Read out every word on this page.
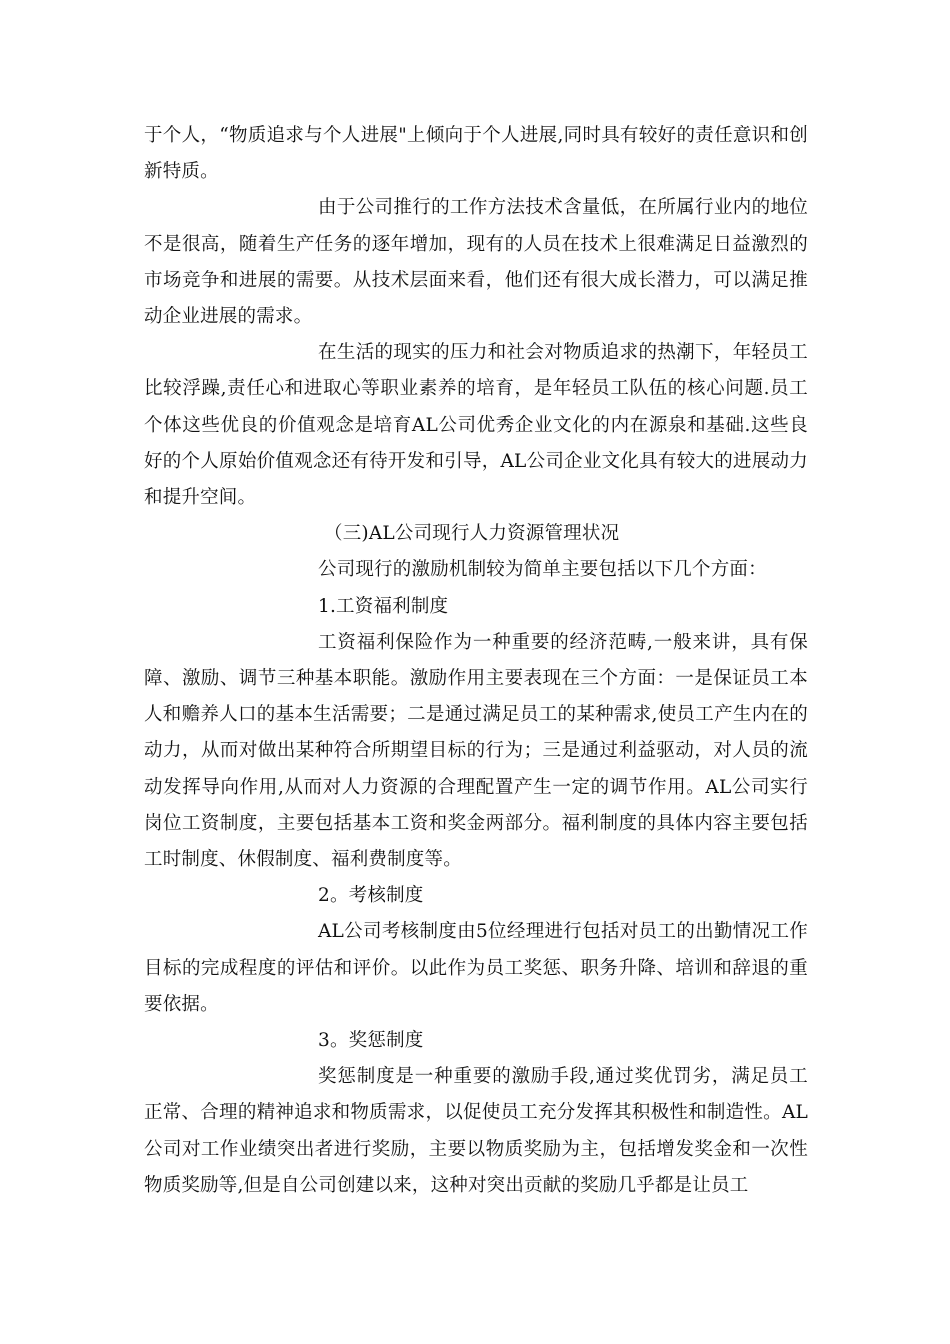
于个人，“物质追求与个人进展"上倾向于个人进展,同时具有较好的责任意识和创新特质。

由于公司推行的工作方法技术含量低，在所属行业内的地位不是很高，随着生产任务的逐年增加，现有的人员在技术上很难满足日益激烈的市场竞争和进展的需要。从技术层面来看，他们还有很大成长潜力，可以满足推动企业进展的需求。

在生活的现实的压力和社会对物质追求的热潮下，年轻员工比较浮躁,责任心和进取心等职业素养的培育，是年轻员工队伍的核心问题.员工个体这些优良的价值观念是培育AL公司优秀企业文化的内在源泉和基础.这些良好的个人原始价值观念还有待开发和引导，AL公司企业文化具有较大的进展动力和提升空间。

（三)AL公司现行人力资源管理状况

公司现行的激励机制较为简单主要包括以下几个方面：

1.工资福利制度

工资福利保险作为一种重要的经济范畴,一般来讲，具有保障、激励、调节三种基本职能。激励作用主要表现在三个方面：一是保证员工本人和赡养人口的基本生活需要；二是通过满足员工的某种需求,使员工产生内在的动力，从而对做出某种符合所期望目标的行为；三是通过利益驱动，对人员的流动发挥导向作用,从而对人力资源的合理配置产生一定的调节作用。AL公司实行岗位工资制度，主要包括基本工资和奖金两部分。福利制度的具体内容主要包括工时制度、休假制度、福利费制度等。

2。考核制度

AL公司考核制度由5位经理进行包括对员工的出勤情况工作目标的完成程度的评估和评价。以此作为员工奖惩、职务升降、培训和辞退的重要依据。

3。奖惩制度

奖惩制度是一种重要的激励手段,通过奖优罚劣，满足员工正常、合理的精神追求和物质需求，以促使员工充分发挥其积极性和制造性。AL公司对工作业绩突出者进行奖励，主要以物质奖励为主，包括增发奖金和一次性物质奖励等,但是自公司创建以来，这种对突出贡献的奖励几乎都是让员工
